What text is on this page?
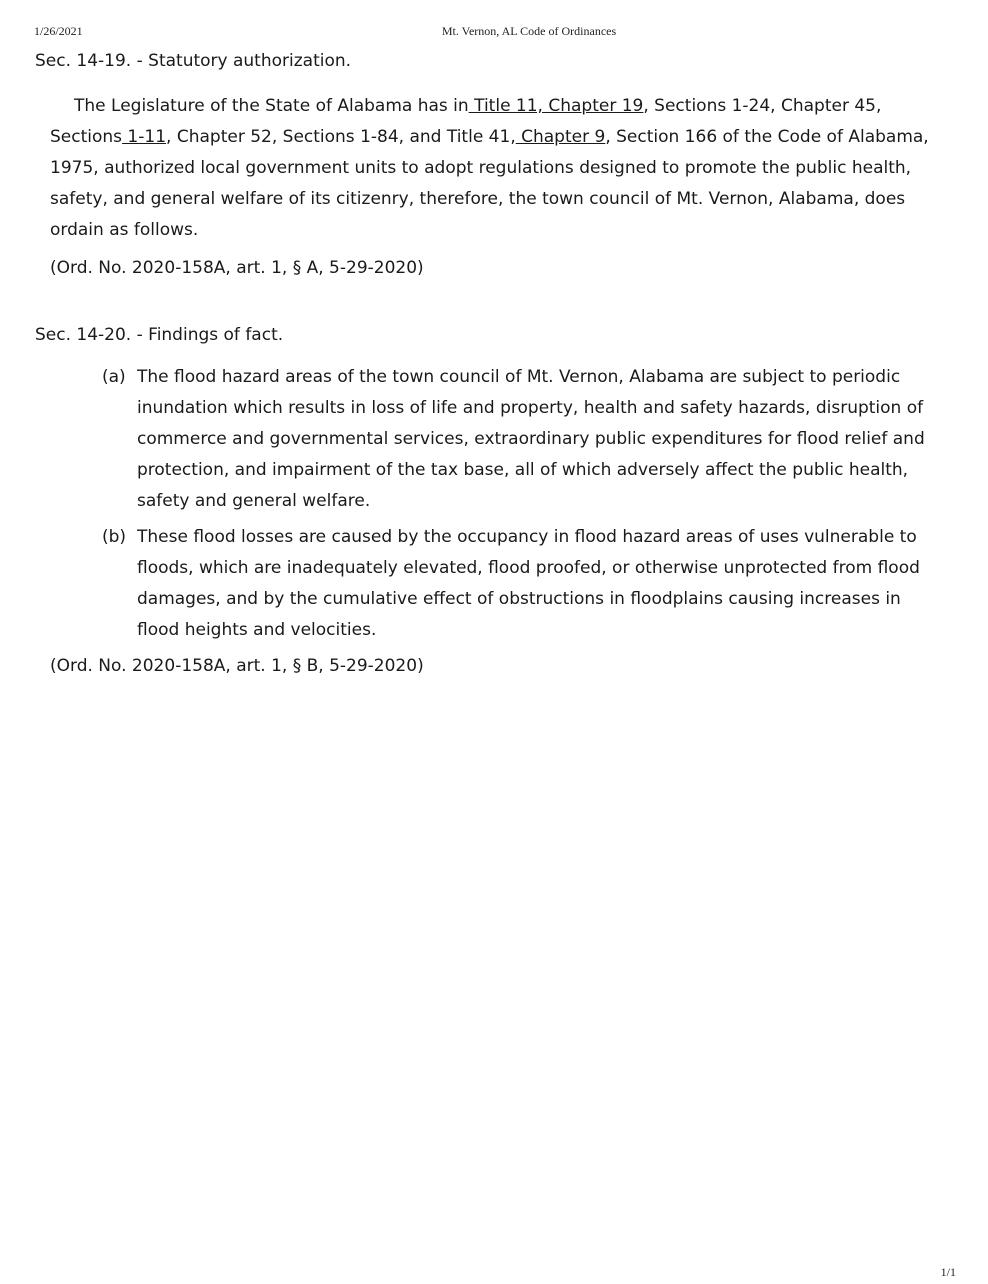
1/26/2021	Mt. Vernon, AL Code of Ordinances
Sec. 14-19. - Statutory authorization.

The Legislature of the State of Alabama has in Title 11, Chapter 19, Sections 1-24, Chapter 45, Sections 1-11, Chapter 52, Sections 1-84, and Title 41, Chapter 9, Section 166 of the Code of Alabama, 1975, authorized local government units to adopt regulations designed to promote the public health, safety, and general welfare of its citizenry, therefore, the town council of Mt. Vernon, Alabama, does ordain as follows.

(Ord. No. 2020-158A, art. 1, § A, 5-29-2020)

Sec. 14-20. - Findings of fact.
(a) The flood hazard areas of the town council of Mt. Vernon, Alabama are subject to periodic inundation which results in loss of life and property, health and safety hazards, disruption of commerce and governmental services, extraordinary public expenditures for flood relief and protection, and impairment of the tax base, all of which adversely affect the public health, safety and general welfare.
(b) These flood losses are caused by the occupancy in flood hazard areas of uses vulnerable to floods, which are inadequately elevated, flood proofed, or otherwise unprotected from flood damages, and by the cumulative effect of obstructions in floodplains causing increases in flood heights and velocities.

(Ord. No. 2020-158A, art. 1, § B, 5-29-2020)

1/1
